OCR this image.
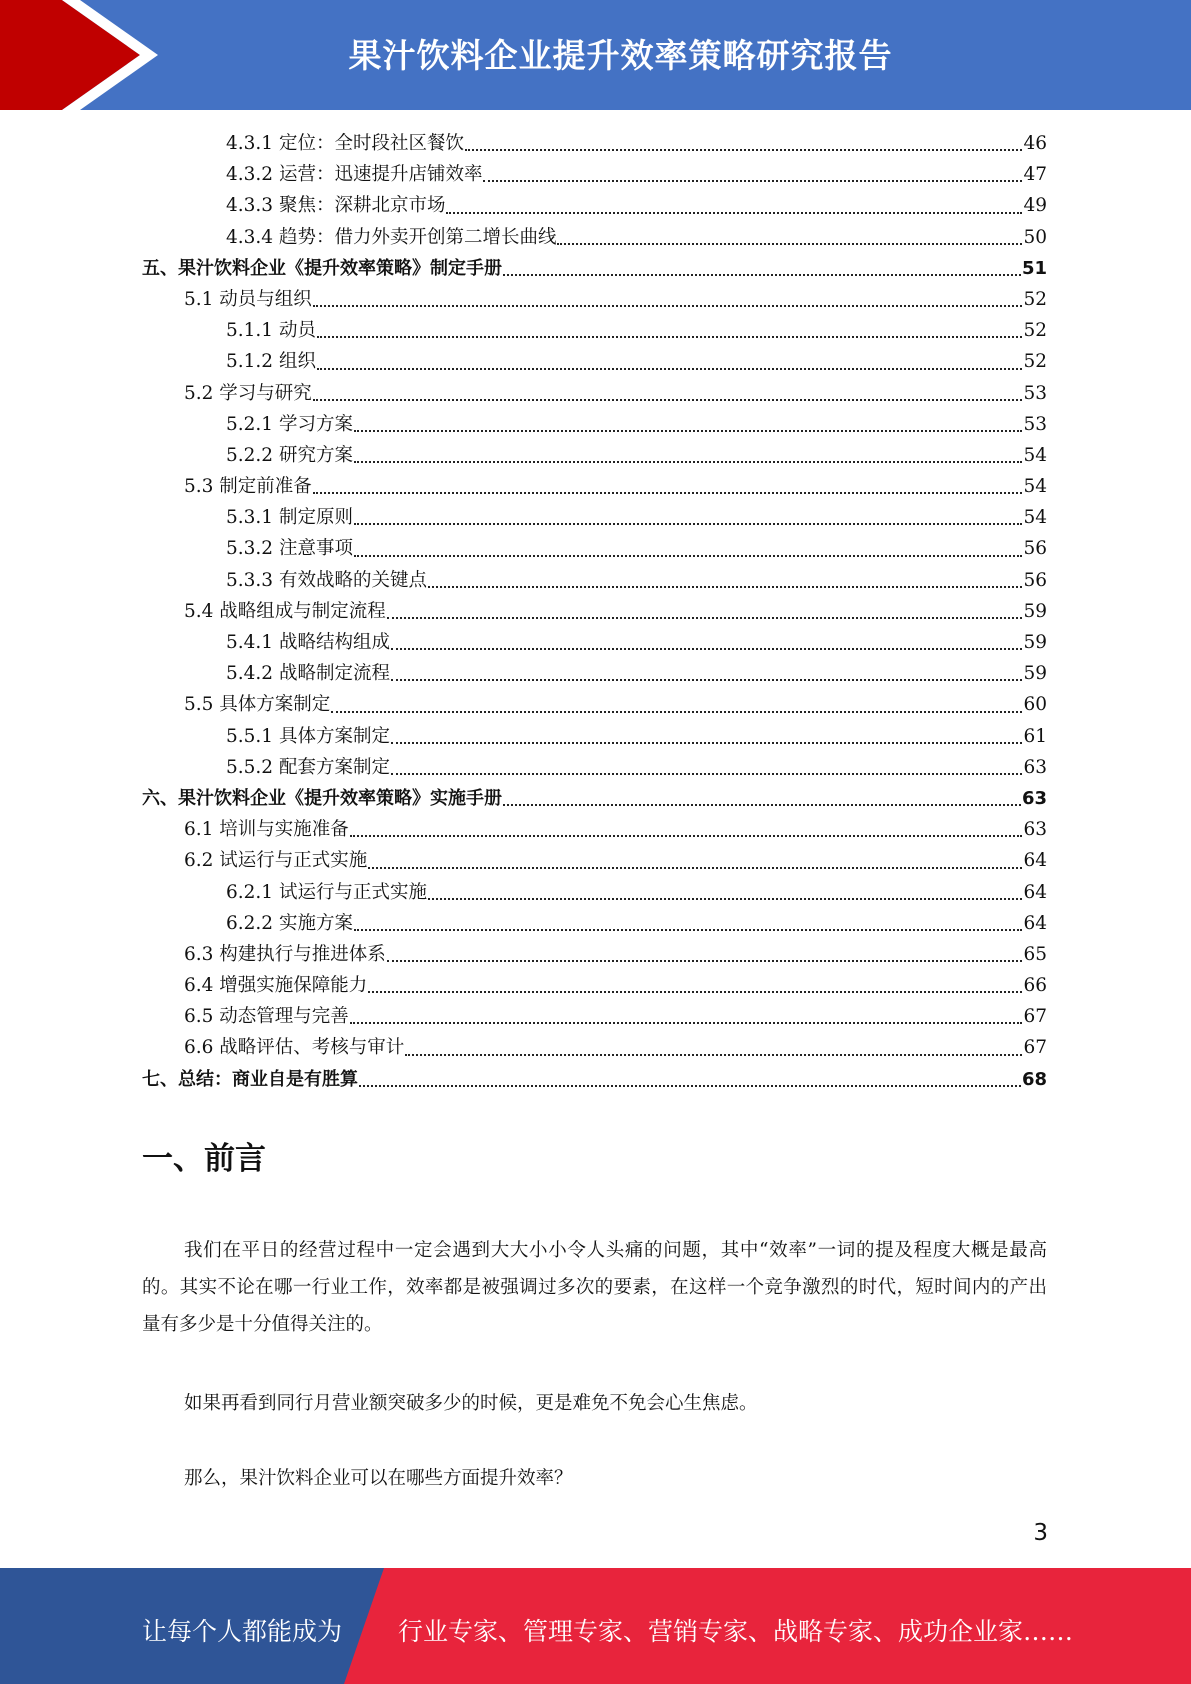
果汁饮料企业提升效率策略研究报告
4.3.1 定位：全时段社区餐饮	46
4.3.2 运营：迅速提升店铺效率	47
4.3.3 聚焦：深耕北京市场	49
4.3.4 趋势：借力外卖开创第二增长曲线	50
五、果汁饮料企业《提升效率策略》制定手册	51
5.1 动员与组织	52
5.1.1 动员	52
5.1.2 组织	52
5.2 学习与研究	53
5.2.1 学习方案	53
5.2.2 研究方案	54
5.3 制定前准备	54
5.3.1 制定原则	54
5.3.2 注意事项	56
5.3.3 有效战略的关键点	56
5.4 战略组成与制定流程	59
5.4.1 战略结构组成	59
5.4.2 战略制定流程	59
5.5 具体方案制定	60
5.5.1 具体方案制定	61
5.5.2 配套方案制定	63
六、果汁饮料企业《提升效率策略》实施手册	63
6.1 培训与实施准备	63
6.2 试运行与正式实施	64
6.2.1 试运行与正式实施	64
6.2.2 实施方案	64
6.3 构建执行与推进体系	65
6.4 增强实施保障能力	66
6.5 动态管理与完善	67
6.6 战略评估、考核与审计	67
七、总结：商业自是有胜算	68
一、前言
我们在平日的经营过程中一定会遇到大大小小令人头痛的问题，其中“效率”一词的提及程度大概是最高的。其实不论在哪一行业工作，效率都是被强调过多次的要素，在这样一个竞争激烈的时代，短时间内的产出量有多少是十分值得关注的。
如果再看到同行月营业额突破多少的时候，更是难免不免会心生焦虑。
那么，果汁饮料企业可以在哪些方面提升效率？
3
让每个人都能成为 行业专家、管理专家、营销专家、战略专家、成功企业家……
